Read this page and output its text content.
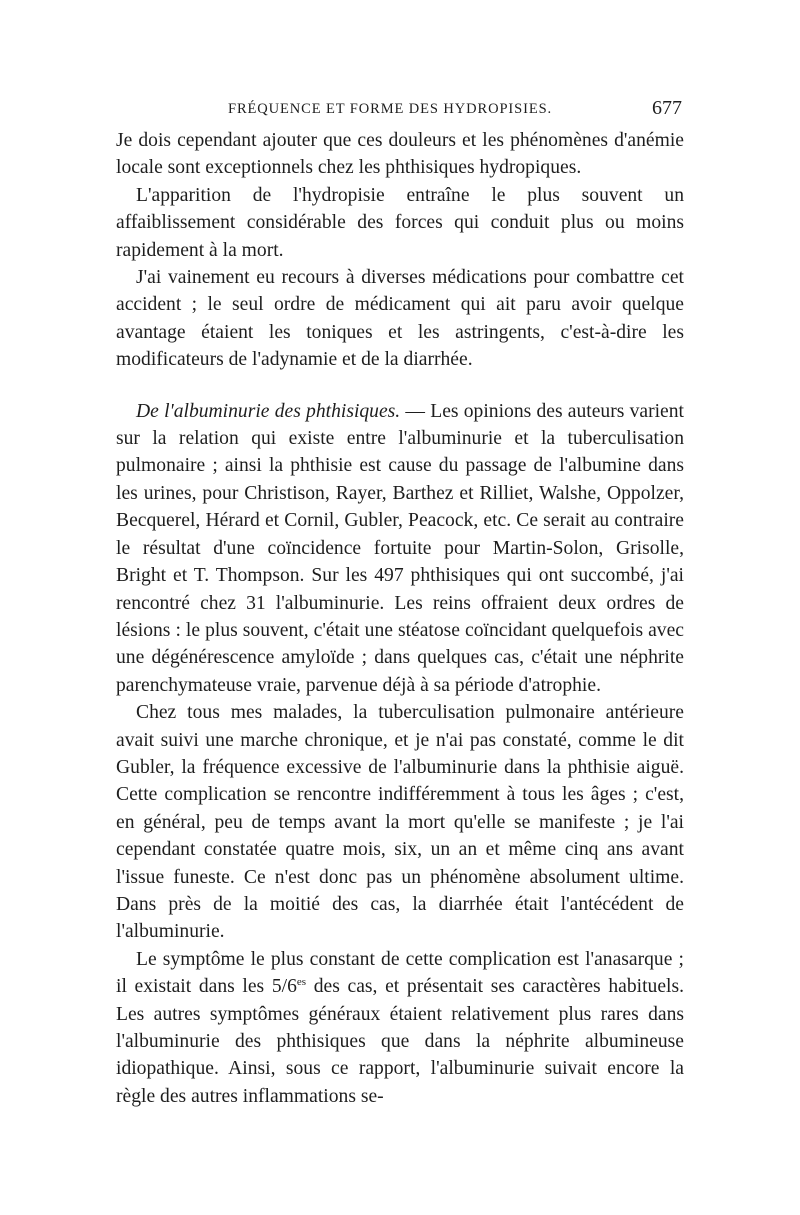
FRÉQUENCE ET FORME DES HYDROPISIES.	677

Je dois cependant ajouter que ces douleurs et les phénomènes d'anémie locale sont exceptionnels chez les phthisiques hydropiques.

L'apparition de l'hydropisie entraîne le plus souvent un affaiblissement considérable des forces qui conduit plus ou moins rapidement à la mort.

J'ai vainement eu recours à diverses médications pour combattre cet accident ; le seul ordre de médicament qui ait paru avoir quelque avantage étaient les toniques et les astringents, c'est-à-dire les modificateurs de l'adynamie et de la diarrhée.

De l'albuminurie des phthisiques. — Les opinions des auteurs varient sur la relation qui existe entre l'albuminurie et la tuberculisation pulmonaire ; ainsi la phthisie est cause du passage de l'albumine dans les urines, pour Christison, Rayer, Barthez et Rilliet, Walshe, Oppolzer, Becquerel, Hérard et Cornil, Gubler, Peacock, etc. Ce serait au contraire le résultat d'une coïncidence fortuite pour Martin-Solon, Grisolle, Bright et T. Thompson. Sur les 497 phthisiques qui ont succombé, j'ai rencontré chez 31 l'albuminurie. Les reins offraient deux ordres de lésions : le plus souvent, c'était une stéatose coïncidant quelquefois avec une dégénérescence amyloïde ; dans quelques cas, c'était une néphrite parenchymateuse vraie, parvenue déjà à sa période d'atrophie.

Chez tous mes malades, la tuberculisation pulmonaire antérieure avait suivi une marche chronique, et je n'ai pas constaté, comme le dit Gubler, la fréquence excessive de l'albuminurie dans la phthisie aiguë. Cette complication se rencontre indifféremment à tous les âges ; c'est, en général, peu de temps avant la mort qu'elle se manifeste ; je l'ai cependant constatée quatre mois, six, un an et même cinq ans avant l'issue funeste. Ce n'est donc pas un phénomène absolument ultime. Dans près de la moitié des cas, la diarrhée était l'antécédent de l'albuminurie.

Le symptôme le plus constant de cette complication est l'anasarque ; il existait dans les $5/6^{es}$ des cas, et présentait ses caractères habituels. Les autres symptômes généraux étaient relativement plus rares dans l'albuminurie des phthisiques que dans la néphrite albumineuse idiopathique. Ainsi, sous ce rapport, l'albuminurie suivait encore la règle des autres inflammations se-
